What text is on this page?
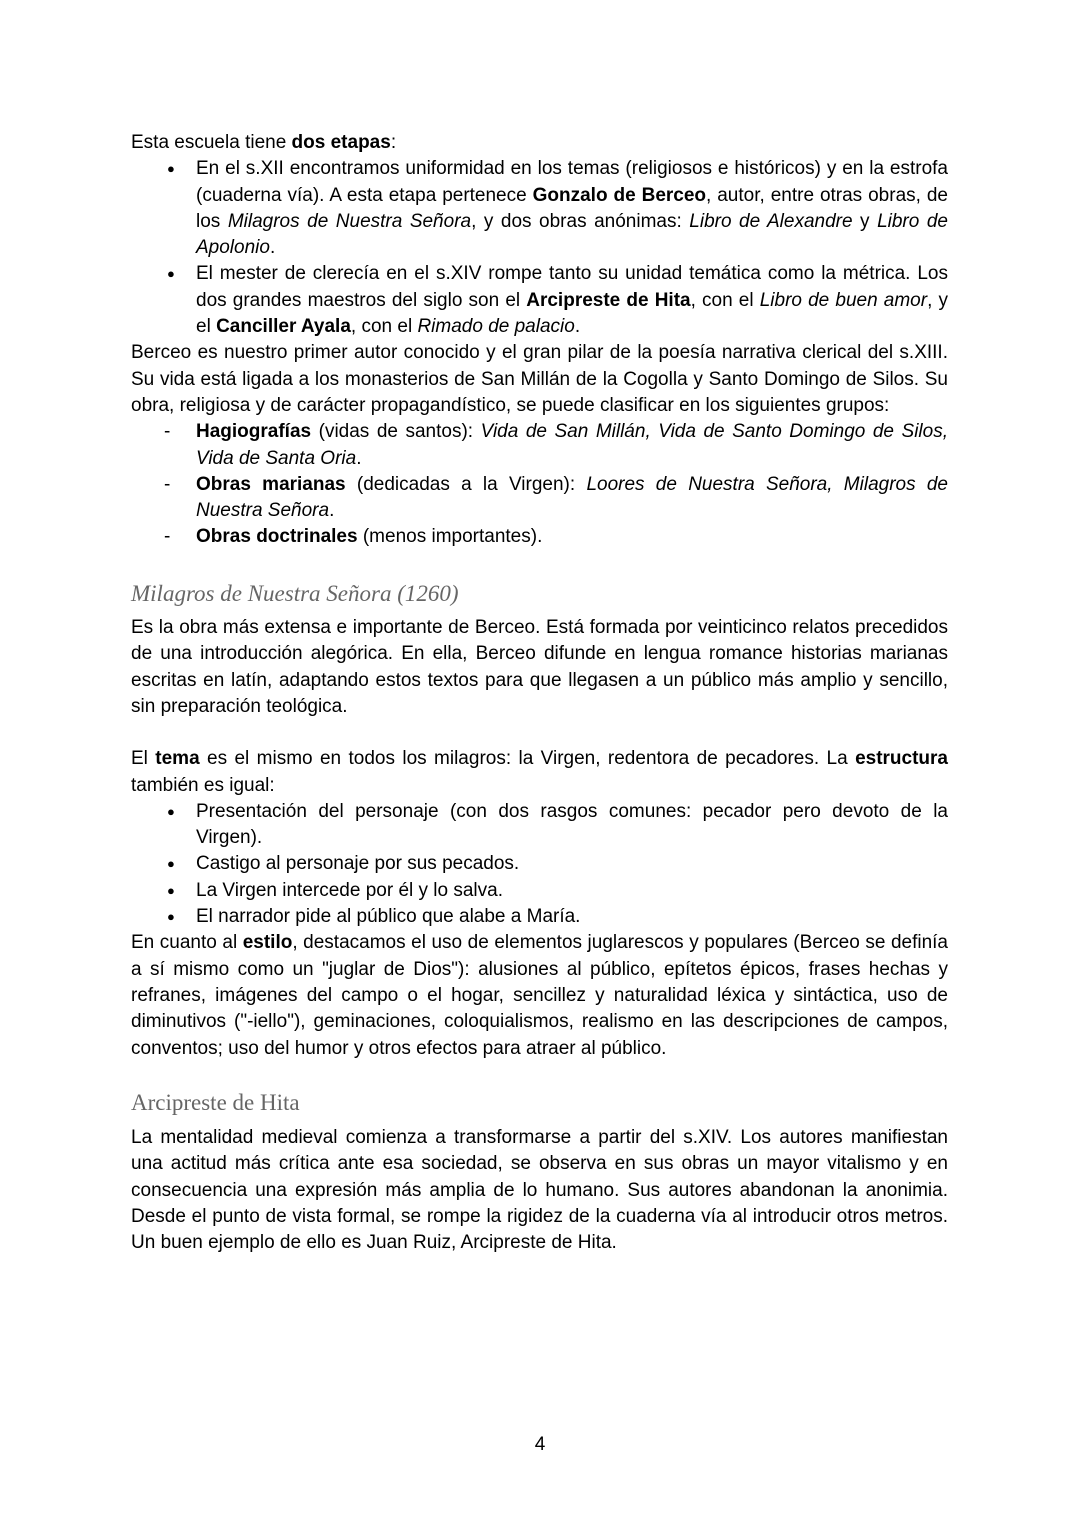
Esta escuela tiene dos etapas:

● En el s.XII encontramos uniformidad en los temas (religiosos e históricos) y en la estrofa (cuaderna vía). A esta etapa pertenece Gonzalo de Berceo, autor, entre otras obras, de los Milagros de Nuestra Señora, y dos obras anónimas: Libro de Alexandre y Libro de Apolonio.
● El mester de clerecía en el s.XIV rompe tanto su unidad temática como la métrica. Los dos grandes maestros del siglo son el Arcipreste de Hita, con el Libro de buen amor, y el Canciller Ayala, con el Rimado de palacio.

Berceo es nuestro primer autor conocido y el gran pilar de la poesía narrativa clerical del s.XIII. Su vida está ligada a los monasterios de San Millán de la Cogolla y Santo Domingo de Silos. Su obra, religiosa y de carácter propagandístico, se puede clasificar en los siguientes grupos:

- Hagiografías (vidas de santos): Vida de San Millán, Vida de Santo Domingo de Silos, Vida de Santa Oria.
- Obras marianas (dedicadas a la Virgen): Loores de Nuestra Señora, Milagros de Nuestra Señora.
- Obras doctrinales (menos importantes).
Milagros de Nuestra Señora (1260)

Es la obra más extensa e importante de Berceo. Está formada por veinticinco relatos precedidos de una introducción alegórica. En ella, Berceo difunde en lengua romance historias marianas escritas en latín, adaptando estos textos para que llegasen a un público más amplio y sencillo, sin preparación teológica.

El tema es el mismo en todos los milagros: la Virgen, redentora de pecadores. La estructura también es igual:

● Presentación del personaje (con dos rasgos comunes: pecador pero devoto de la Virgen).
● Castigo al personaje por sus pecados.
● La Virgen intercede por él y lo salva.
● El narrador pide al público que alabe a María.

En cuanto al estilo, destacamos el uso de elementos juglarescos y populares (Berceo se definía a sí mismo como un "juglar de Dios"): alusiones al público, epítetos épicos, frases hechas y refranes, imágenes del campo o el hogar, sencillez y naturalidad léxica y sintáctica, uso de diminutivos ("-iello"), geminaciones, coloquialismos, realismo en las descripciones de campos, conventos; uso del humor y otros efectos para atraer al público.

Arcipreste de Hita

La mentalidad medieval comienza a transformarse a partir del s.XIV. Los autores manifiestan una actitud más crítica ante esa sociedad, se observa en sus obras un mayor vitalismo y en consecuencia una expresión más amplia de lo humano. Sus autores abandonan la anonimia. Desde el punto de vista formal, se rompe la rigidez de la cuaderna vía al introducir otros metros. Un buen ejemplo de ello es Juan Ruiz, Arcipreste de Hita.

4
